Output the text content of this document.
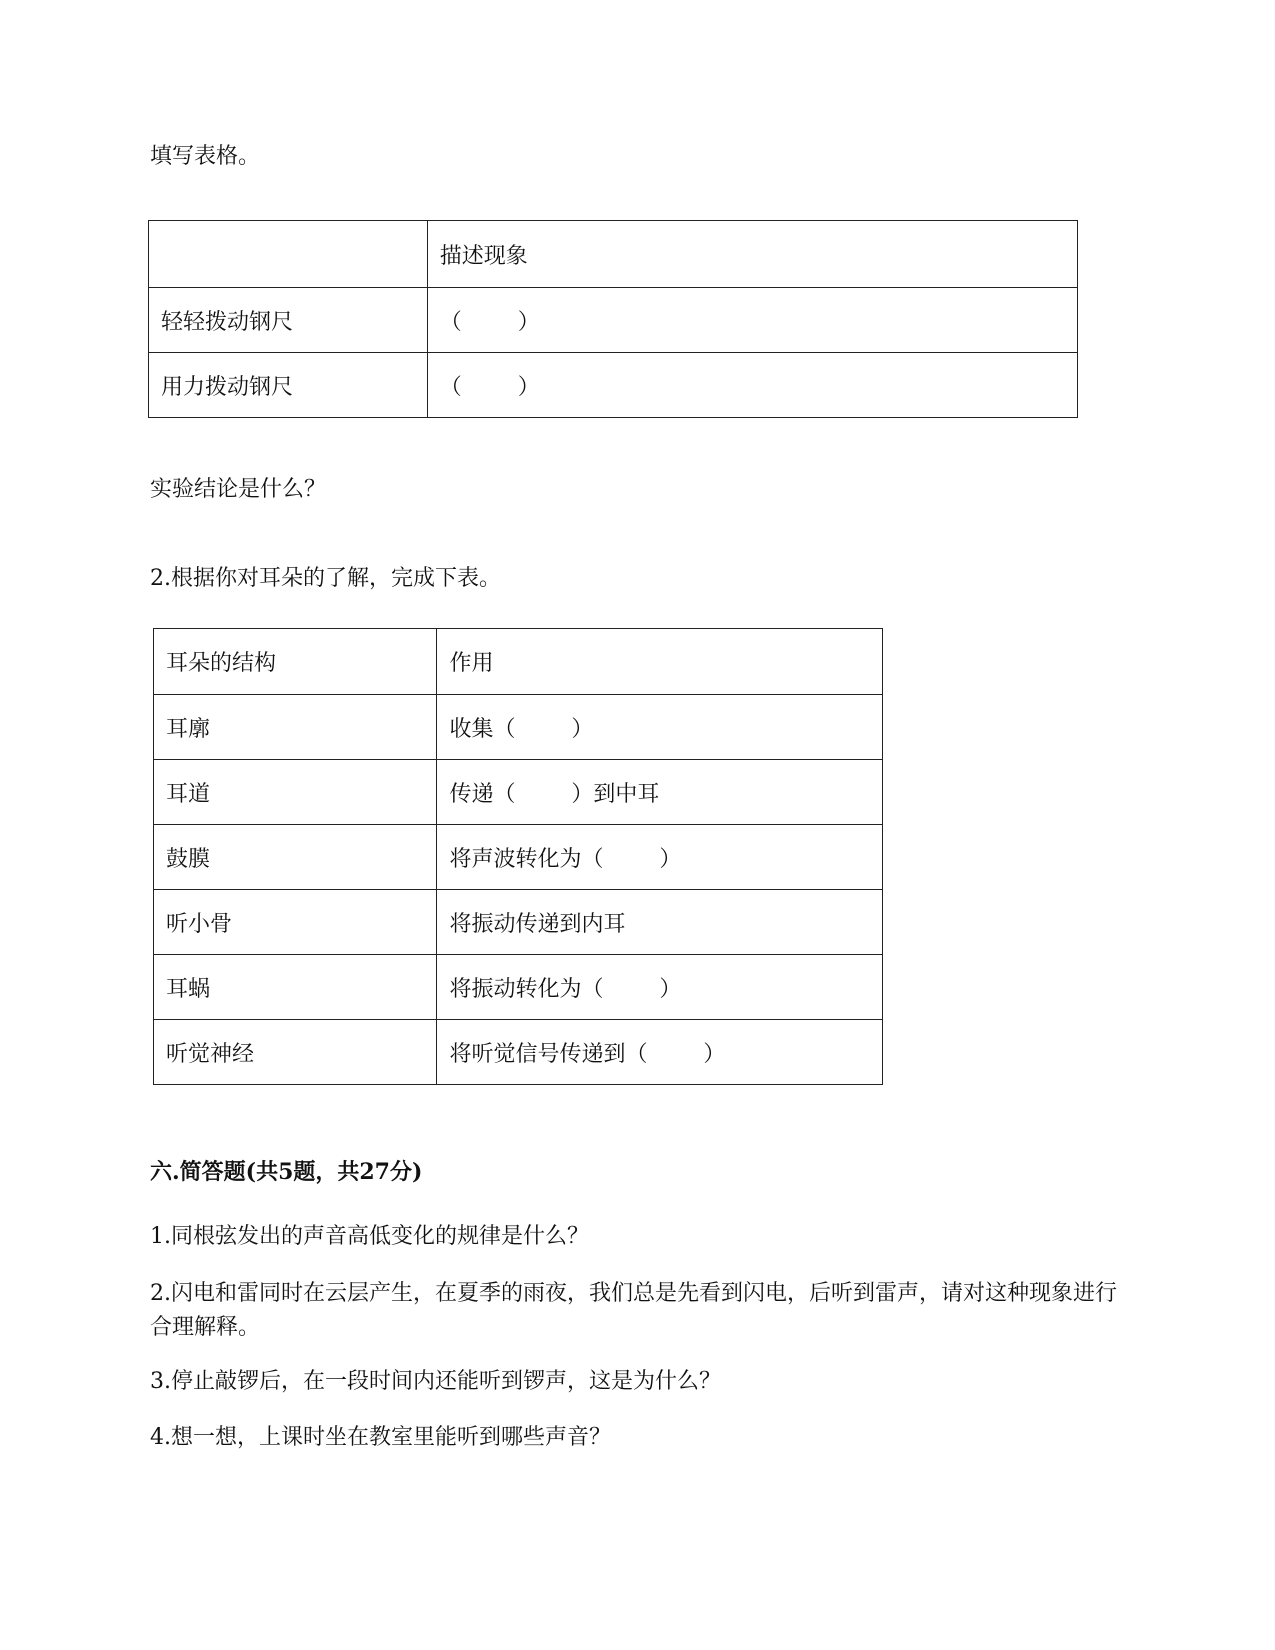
填写表格。
	描述现象
轻轻拨动钢尺	（        ）
用力拨动钢尺	（        ）
实验结论是什么？
2.根据你对耳朵的了解，完成下表。
耳朵的结构	作用
耳廓	收集（        ）
耳道	传递（        ）到中耳
鼓膜	将声波转化为（        ）
听小骨	将振动传递到内耳
耳蜗	将振动转化为（        ）
听觉神经	将听觉信号传递到（        ）
六.简答题(共5题，共27分)
1.同根弦发出的声音高低变化的规律是什么？
2.闪电和雷同时在云层产生，在夏季的雨夜，我们总是先看到闪电，后听到雷声，请对这种现象进行合理解释。
3.停止敲锣后，在一段时间内还能听到锣声，这是为什么？
4.想一想，上课时坐在教室里能听到哪些声音？
